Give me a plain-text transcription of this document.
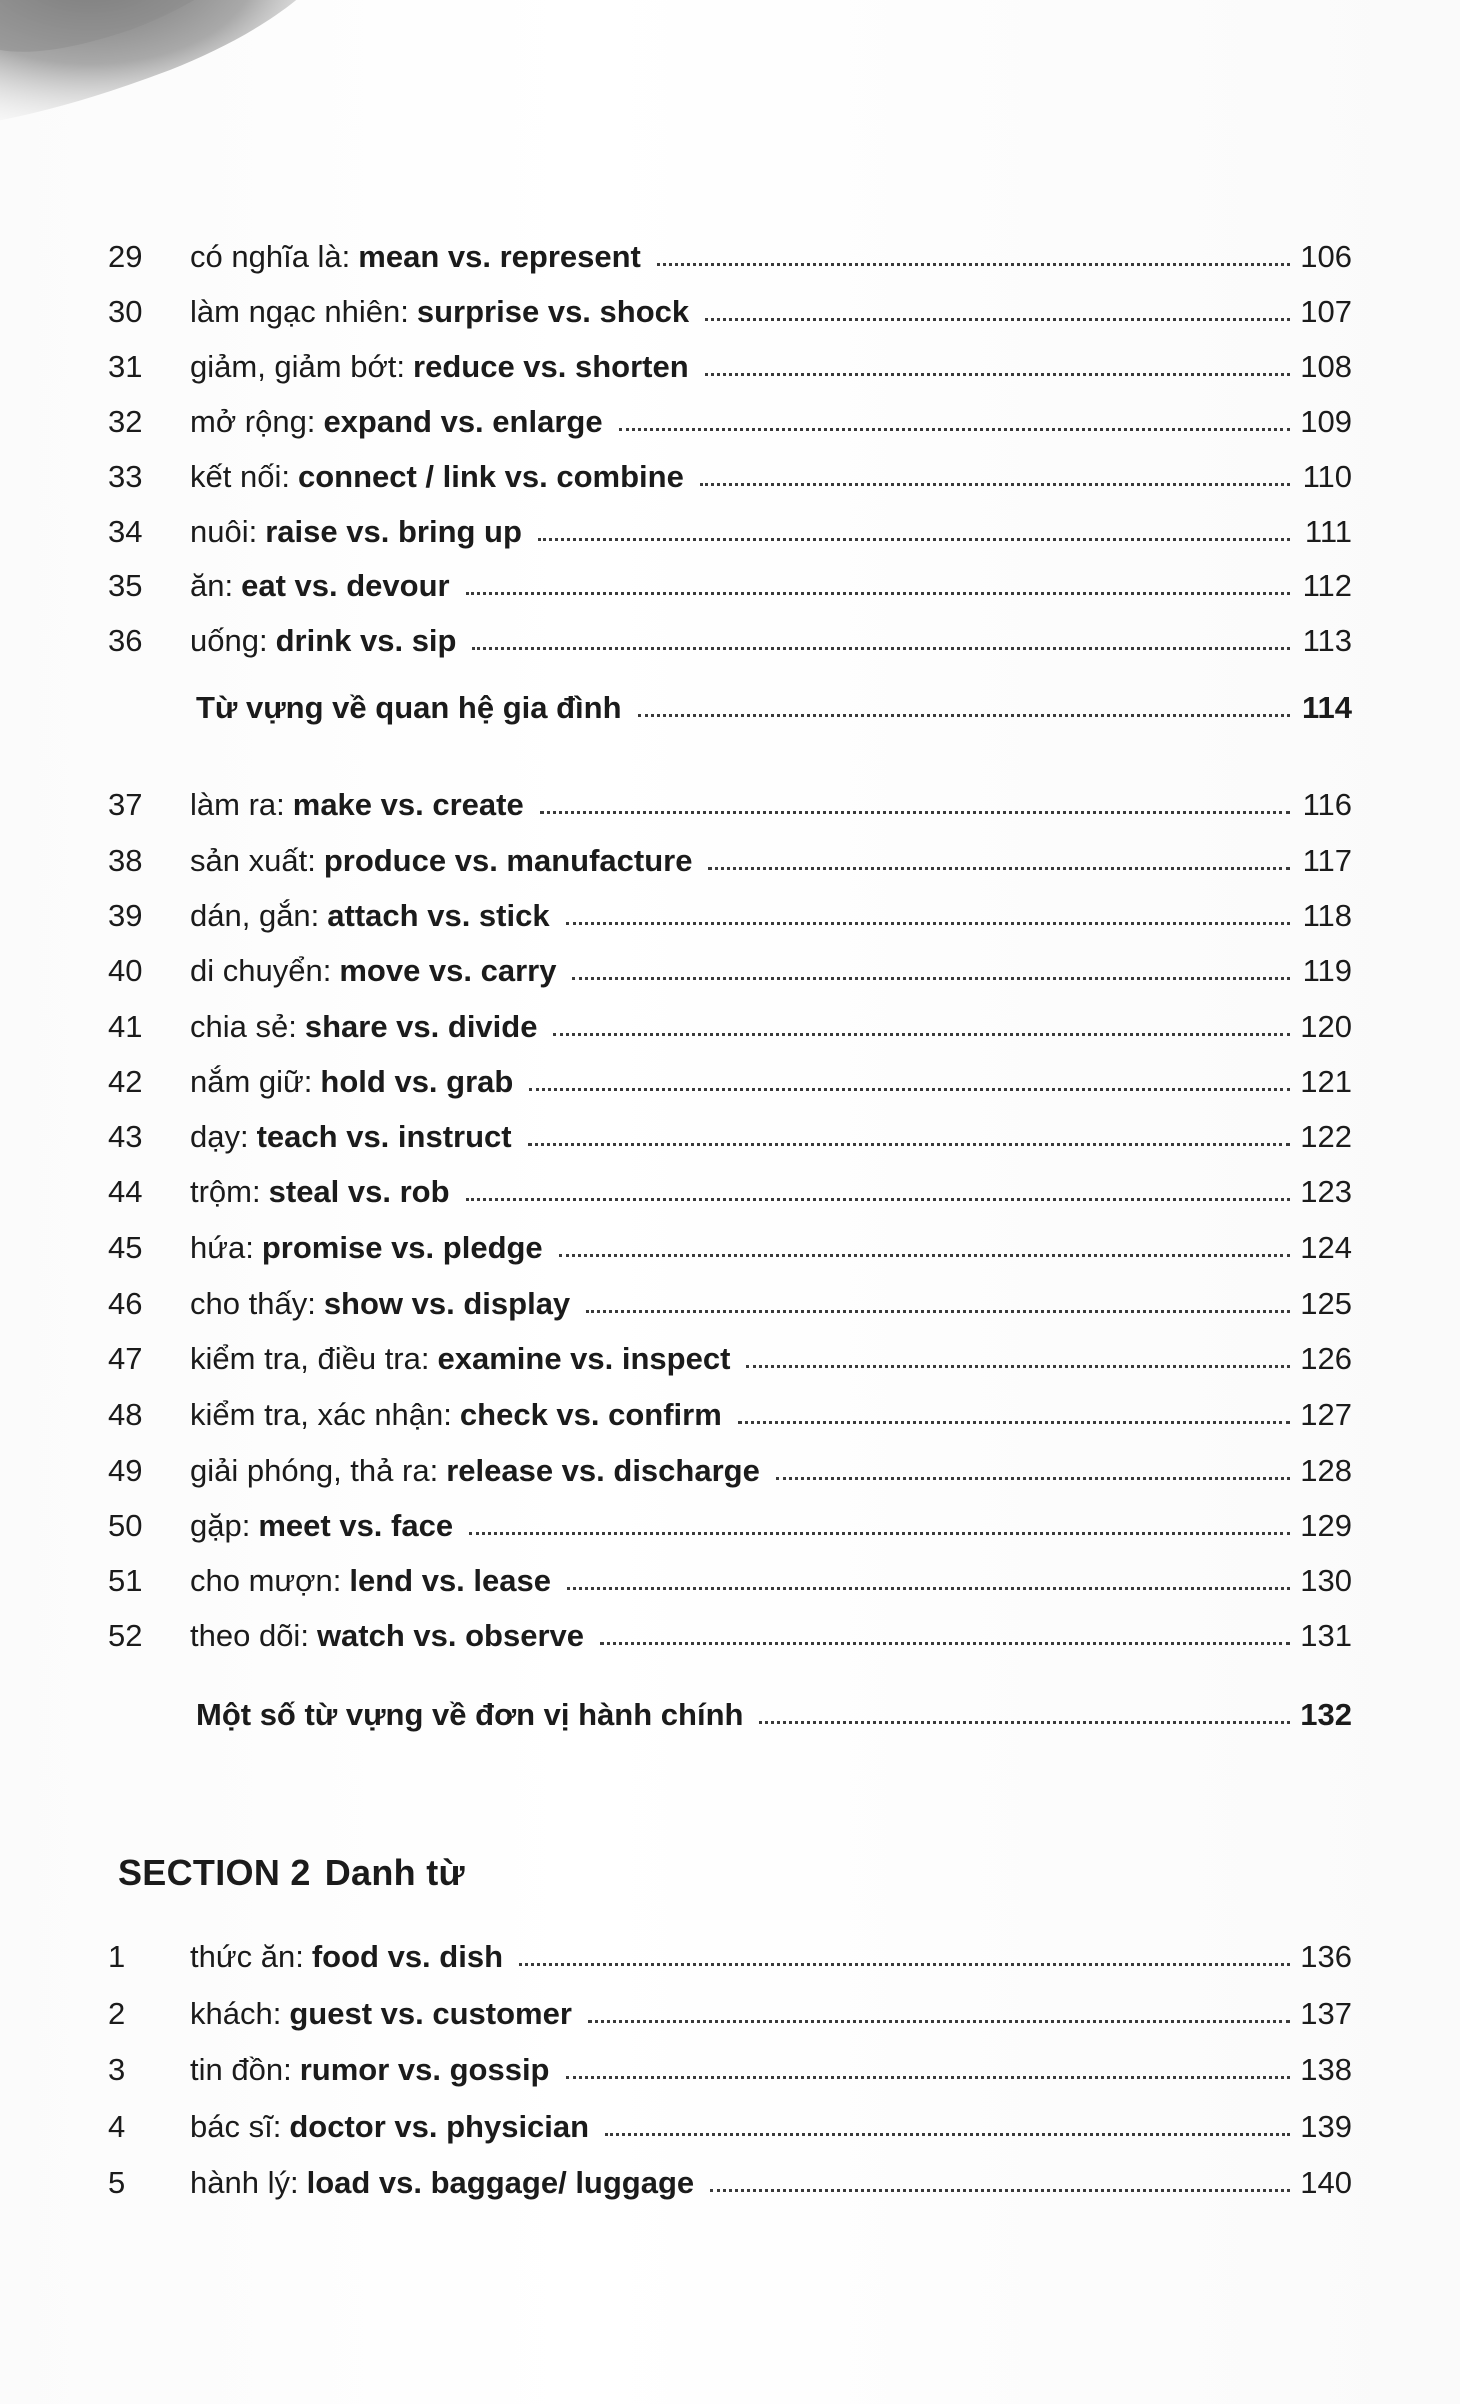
29	có nghĩa là: mean vs. represent	106
30	làm ngạc nhiên: surprise vs. shock	107
31	giảm, giảm bớt: reduce vs. shorten	108
32	mở rộng: expand vs. enlarge	109
33	kết nối: connect / link vs. combine	110
34	nuôi: raise vs. bring up	111
35	ăn: eat vs. devour	112
36	uống: drink vs. sip	113
Từ vựng về quan hệ gia đình	114
37	làm ra: make vs. create	116
38	sản xuất: produce vs. manufacture	117
39	dán, gắn: attach vs. stick	118
40	di chuyển: move vs. carry	119
41	chia sẻ: share vs. divide	120
42	nắm giữ: hold vs. grab	121
43	dạy: teach vs. instruct	122
44	trộm: steal vs. rob	123
45	hứa: promise vs. pledge	124
46	cho thấy: show vs. display	125
47	kiểm tra, điều tra: examine vs. inspect	126
48	kiểm tra, xác nhận: check vs. confirm	127
49	giải phóng, thả ra: release vs. discharge	128
50	gặp: meet vs. face	129
51	cho mượn: lend vs. lease	130
52	theo dõi: watch vs. observe	131
Một số từ vựng về đơn vị hành chính	132
1	thức ăn: food vs. dish	136
2	khách: guest vs. customer	137
3	tin đồn: rumor vs. gossip	138
4	bác sĩ: doctor vs. physician	139
5	hành lý: load vs. baggage/ luggage	140
SECTION 2 Danh từ
